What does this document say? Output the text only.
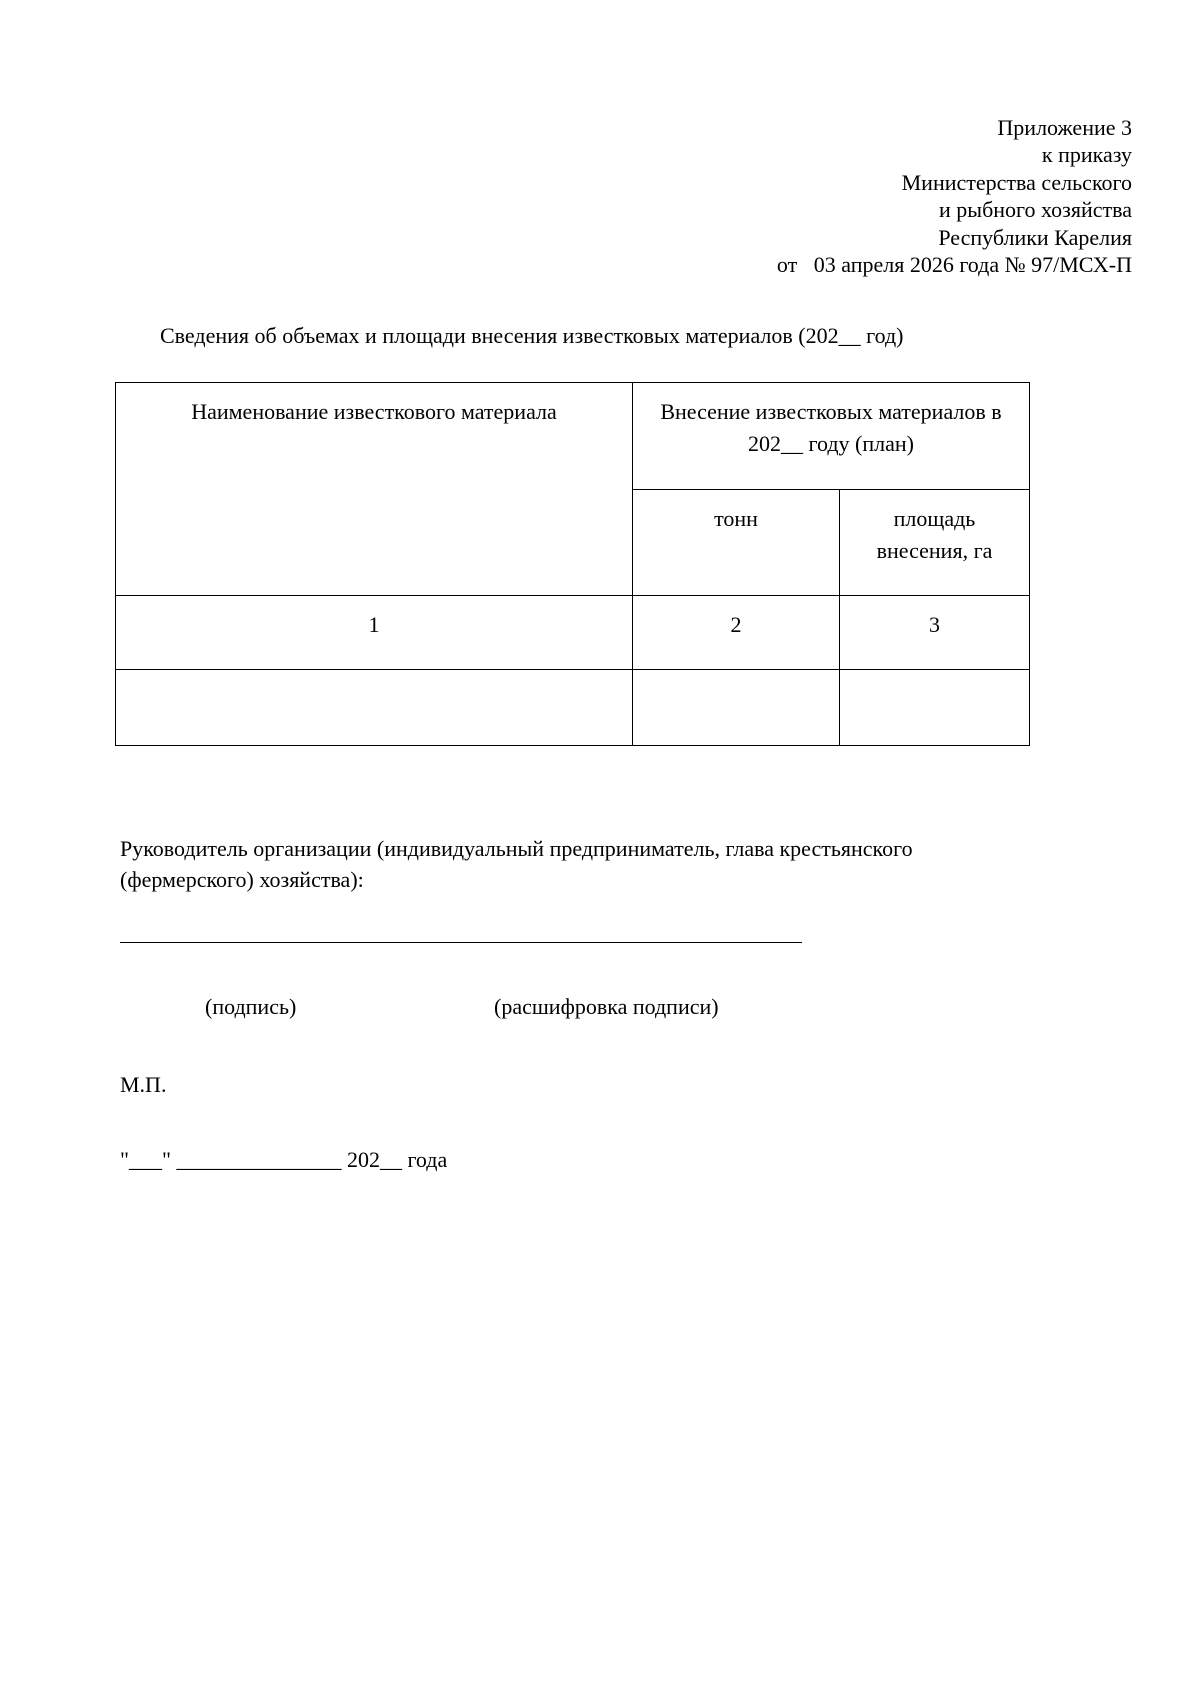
Приложение 3
к приказу
Министерства сельского
и рыбного хозяйства
Республики Карелия
от   03 апреля 2026 года № 97/МСХ-П
Сведения об объемах и площади внесения известковых материалов (202__ год)
Наименование известкового материала	Внесение известковых материалов в 202__ году (план)	
	тонн	площадь внесения, га
1	2	3

Руководитель организации (индивидуальный предприниматель, глава крестьянского (фермерского) хозяйства):
(подпись)	(расшифровка подписи)
М.П.
"___" _______________ 202__ года
